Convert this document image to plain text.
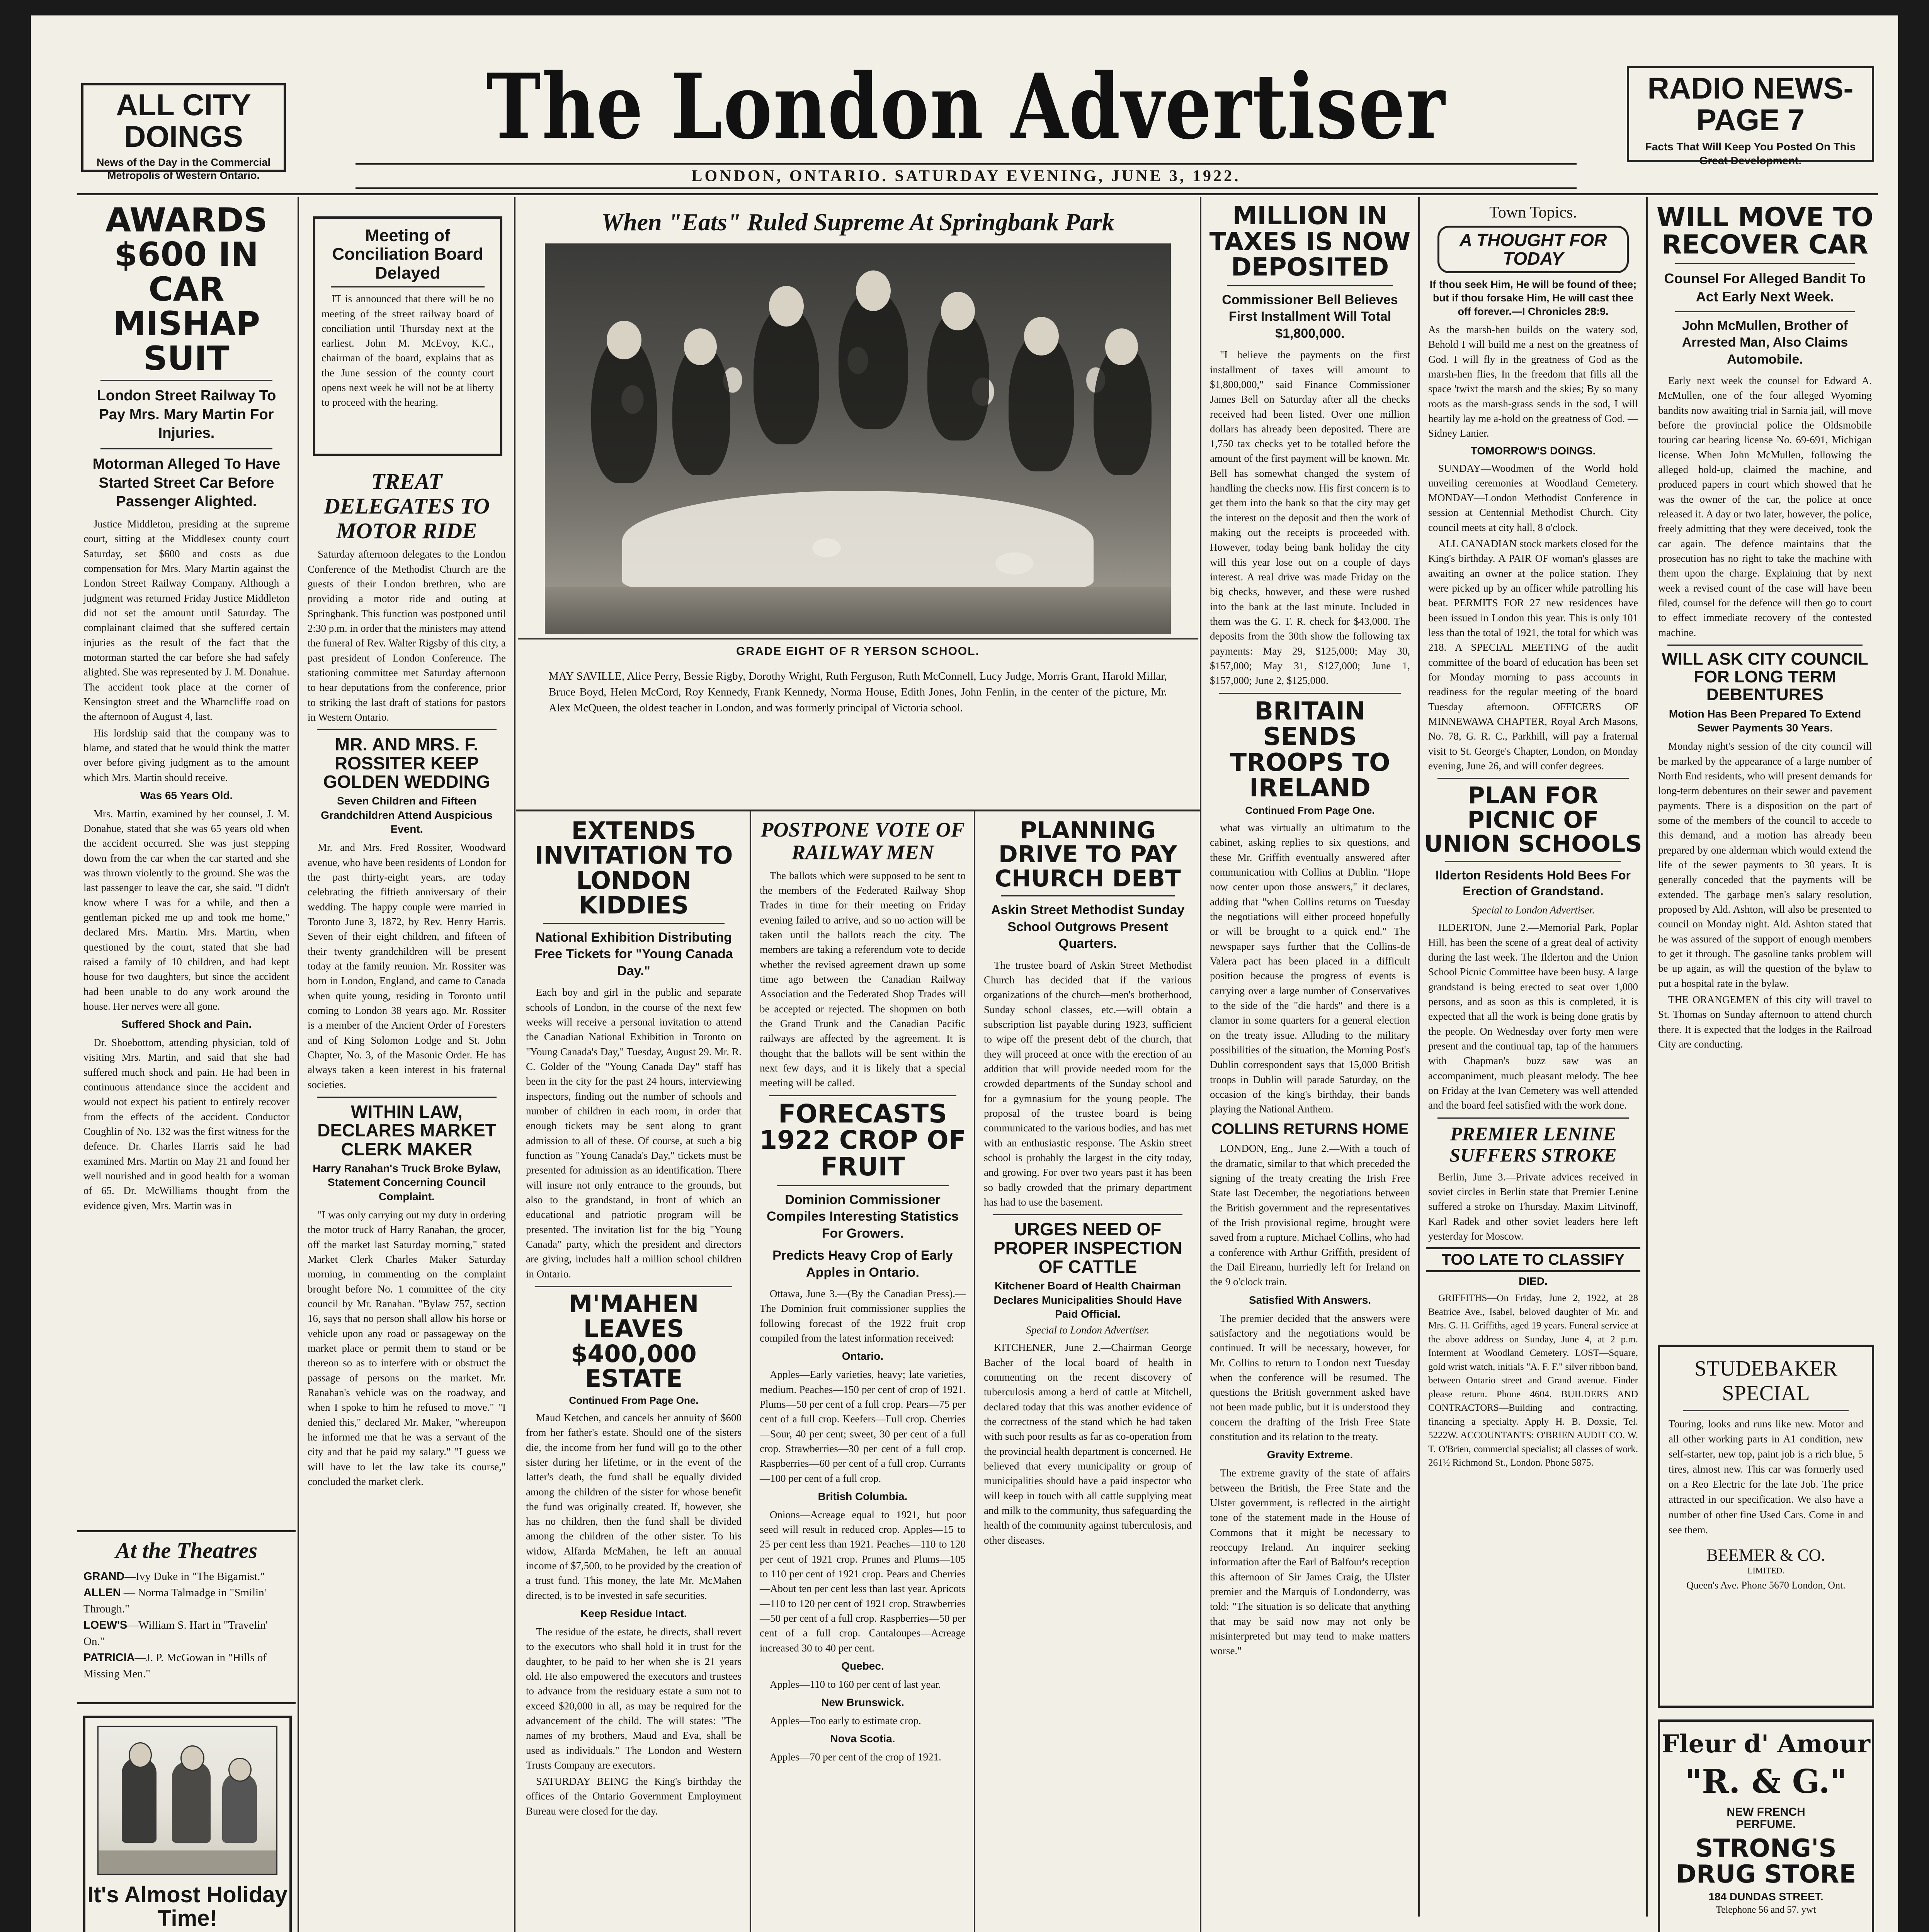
ALL CITY DOINGS

News of the Day in the Commercial Metropolis of Western Ontario.

The London Advertiser

LONDON, ONTARIO. SATURDAY EVENING, JUNE 3, 1922.

RADIO NEWS-PAGE 7

Facts That Will Keep You Posted On This Great Development.

AWARDS $600 IN CAR MISHAP SUIT

London Street Railway To Pay Mrs. Mary Martin For Injuries.

Motorman Alleged To Have Started Street Car Before Passenger Alighted.

Justice Middleton, presiding at the supreme court, sitting at the Middlesex county court Saturday, set $600 and costs as due compensation for Mrs. Mary Martin against the London Street Railway Company. Although a judgment was returned Friday Justice Middleton did not set the amount until Saturday. The complainant claimed that she suffered certain injuries as the result of the fact that the motorman started the car before she had safely alighted. She was represented by J. M. Donahue. The accident took place at the corner of Kensington street and the Wharncliffe road on the afternoon of August 4, last.

His lordship said that the company was to blame, and stated that he would think the matter over before giving judgment as to the amount which Mrs. Martin should receive.

Was 65 Years Old.

Mrs. Martin, examined by her counsel, J. M. Donahue, stated that she was 65 years old when the accident occurred. She was just stepping down from the car when the car started and she was thrown violently to the ground. She was the last passenger to leave the car, she said. "I didn't know where I was for a while, and then a gentleman picked me up and took me home," declared Mrs. Martin. Mrs. Martin, when questioned by the court, stated that she had raised a family of 10 children, and had kept house for two daughters, but since the accident had been unable to do any work around the house. Her nerves were all gone.

Suffered Shock and Pain.

Dr. Shoebottom, attending physician, told of visiting Mrs. Martin, and said that she had suffered much shock and pain. He had been in continuous attendance since the accident and would not expect his patient to entirely recover from the effects of the accident. Conductor Coughlin of No. 132 was the first witness for the defence. Dr. Charles Harris said he had examined Mrs. Martin on May 21 and found her well nourished and in good health for a woman of 65. Dr. McWilliams thought from the evidence given, Mrs. Martin was in

At the Theatres

GRAND—Ivy Duke in "The Bigamist."
ALLEN — Norma Talmadge in "Smilin' Through."
LOEW'S—William S. Hart in "Travelin' On."
PATRICIA—J. P. McGowan in "Hills of Missing Men."

It's Almost Holiday Time!

Meeting of Conciliation Board Delayed

IT is announced that there will be no meeting of the street railway board of conciliation until Thursday next at the earliest. John M. McEvoy, K.C., chairman of the board, explains that as the June session of the county court opens next week he will not be at liberty to proceed with the hearing.

TREAT DELEGATES TO MOTOR RIDE

Saturday afternoon delegates to the London Conference of the Methodist Church are the guests of their London brethren, who are providing a motor ride and outing at Springbank. This function was postponed until 2:30 p.m. in order that the ministers may attend the funeral of Rev. Walter Rigsby of this city, a past president of London Conference. The stationing committee met Saturday afternoon to hear deputations from the conference, prior to striking the last draft of stations for pastors in Western Ontario.

MR. AND MRS. F. ROSSITER KEEP GOLDEN WEDDING

Seven Children and Fifteen Grandchildren Attend Auspicious Event.

Mr. and Mrs. Fred Rossiter, Woodward avenue, who have been residents of London for the past thirty-eight years, are today celebrating the fiftieth anniversary of their wedding. The happy couple were married in Toronto June 3, 1872, by Rev. Henry Harris. Seven of their eight children, and fifteen of their twenty grandchildren will be present today at the family reunion. Mr. Rossiter was born in London, England, and came to Canada when quite young, residing in Toronto until coming to London 38 years ago. Mr. Rossiter is a member of the Ancient Order of Foresters and of King Solomon Lodge and St. John Chapter, No. 3, of the Masonic Order. He has always taken a keen interest in his fraternal societies.

WITHIN LAW, DECLARES MARKET CLERK MAKER

Harry Ranahan's Truck Broke Bylaw, Statement Concerning Council Complaint.

"I was only carrying out my duty in ordering the motor truck of Harry Ranahan, the grocer, off the market last Saturday morning," stated Market Clerk Charles Maker Saturday morning, in commenting on the complaint brought before No. 1 committee of the city council by Mr. Ranahan. "Bylaw 757, section 16, says that no person shall allow his horse or vehicle upon any road or passageway on the market place or permit them to stand or be thereon so as to interfere with or obstruct the passage of persons on the market. Mr. Ranahan's vehicle was on the roadway, and when I spoke to him he refused to move." "I denied this," declared Mr. Maker, "whereupon he informed me that he was a servant of the city and that he paid my salary." "I guess we will have to let the law take its course," concluded the market clerk.

When "Eats" Ruled Supreme At Springbank Park

GRADE EIGHT OF R YERSON SCHOOL.

MAY SAVILLE, Alice Perry, Bessie Rigby, Dorothy Wright, Ruth Ferguson, Ruth McConnell, Lucy Judge, Morris Grant, Harold Millar, Bruce Boyd, Helen McCord, Roy Kennedy, Frank Kennedy, Norma House, Edith Jones, John Fenlin, in the center of the picture, Mr. Alex McQueen, the oldest teacher in London, and was formerly principal of Victoria school.

EXTENDS INVITATION TO LONDON KIDDIES

National Exhibition Distributing Free Tickets for "Young Canada Day."

Each boy and girl in the public and separate schools of London, in the course of the next few weeks will receive a personal invitation to attend the Canadian National Exhibition in Toronto on "Young Canada's Day," Tuesday, August 29. Mr. R. C. Golder of the "Young Canada Day" staff has been in the city for the past 24 hours, interviewing inspectors, finding out the number of schools and number of children in each room, in order that enough tickets may be sent along to grant admission to all of these. Of course, at such a big function as "Young Canada's Day," tickets must be presented for admission as an identification. There will insure not only entrance to the grounds, but also to the grandstand, in front of which an educational and patriotic program will be presented. The invitation list for the big "Young Canada" party, which the president and directors are giving, includes half a million school children in Ontario.

M'MAHEN LEAVES $400,000 ESTATE

Continued From Page One.

Maud Ketchen, and cancels her annuity of $600 from her father's estate. Should one of the sisters die, the income from her fund will go to the other sister during her lifetime, or in the event of the latter's death, the fund shall be equally divided among the children of the sister for whose benefit the fund was originally created. If, however, she has no children, then the fund shall be divided among the children of the other sister. To his widow, Alfarda McMahen, he left an annual income of $7,500, to be provided by the creation of a trust fund. This money, the late Mr. McMahen directed, is to be invested in safe securities.

Keep Residue Intact.

The residue of the estate, he directs, shall revert to the executors who shall hold it in trust for the daughter, to be paid to her when she is 21 years old. He also empowered the executors and trustees to advance from the residuary estate a sum not to exceed $20,000 in all, as may be required for the advancement of the child. The will states: "The names of my brothers, Maud and Eva, shall be used as individuals." The London and Western Trusts Company are executors.

SATURDAY BEING the King's birthday the offices of the Ontario Government Employment Bureau were closed for the day.

POSTPONE VOTE OF RAILWAY MEN

The ballots which were supposed to be sent to the members of the Federated Railway Shop Trades in time for their meeting on Friday evening failed to arrive, and so no action will be taken until the ballots reach the city. The members are taking a referendum vote to decide whether the revised agreement drawn up some time ago between the Canadian Railway Association and the Federated Shop Trades will be accepted or rejected. The shopmen on both the Grand Trunk and the Canadian Pacific railways are affected by the agreement. It is thought that the ballots will be sent within the next few days, and it is likely that a special meeting will be called.

FORECASTS 1922 CROP OF FRUIT

Dominion Commissioner Compiles Interesting Statistics For Growers.

Predicts Heavy Crop of Early Apples in Ontario.

Ottawa, June 3.—(By the Canadian Press).—The Dominion fruit commissioner supplies the following forecast of the 1922 fruit crop compiled from the latest information received:

Ontario.

Apples—Early varieties, heavy; late varieties, medium. Peaches—150 per cent of crop of 1921. Plums—50 per cent of a full crop. Pears—75 per cent of a full crop. Keefers—Full crop. Cherries—Sour, 40 per cent; sweet, 30 per cent of a full crop. Strawberries—30 per cent of a full crop. Raspberries—60 per cent of a full crop. Currants—100 per cent of a full crop.

British Columbia.

Onions—Acreage equal to 1921, but poor seed will result in reduced crop. Apples—15 to 25 per cent less than 1921. Peaches—110 to 120 per cent of 1921 crop. Prunes and Plums—105 to 110 per cent of 1921 crop. Pears and Cherries—About ten per cent less than last year. Apricots—110 to 120 per cent of 1921 crop. Strawberries—50 per cent of a full crop. Raspberries—50 per cent of a full crop. Cantaloupes—Acreage increased 30 to 40 per cent.

Quebec.

Apples—110 to 160 per cent of last year.

New Brunswick.

Apples—Too early to estimate crop.

Nova Scotia.

Apples—70 per cent of the crop of 1921.

PLANNING DRIVE TO PAY CHURCH DEBT

Askin Street Methodist Sunday School Outgrows Present Quarters.

The trustee board of Askin Street Methodist Church has decided that if the various organizations of the church—men's brotherhood, Sunday school classes, etc.—will obtain a subscription list payable during 1923, sufficient to wipe off the present debt of the church, that they will proceed at once with the erection of an addition that will provide needed room for the crowded departments of the Sunday school and for a gymnasium for the young people. The proposal of the trustee board is being communicated to the various bodies, and has met with an enthusiastic response. The Askin street school is probably the largest in the city today, and growing. For over two years past it has been so badly crowded that the primary department has had to use the basement.

URGES NEED OF PROPER INSPECTION OF CATTLE

Kitchener Board of Health Chairman Declares Municipalities Should Have Paid Official.

Special to London Advertiser.

KITCHENER, June 2.—Chairman George Bacher of the local board of health in commenting on the recent discovery of tuberculosis among a herd of cattle at Mitchell, declared today that this was another evidence of the correctness of the stand which he had taken with such poor results as far as co-operation from the provincial health department is concerned. He believed that every municipality or group of municipalities should have a paid inspector who will keep in touch with all cattle supplying meat and milk to the community, thus safeguarding the health of the community against tuberculosis, and other diseases.

MILLION IN TAXES IS NOW DEPOSITED

Commissioner Bell Believes First Installment Will Total $1,800,000.

"I believe the payments on the first installment of taxes will amount to $1,800,000," said Finance Commissioner James Bell on Saturday after all the checks received had been listed. Over one million dollars has already been deposited. There are 1,750 tax checks yet to be totalled before the amount of the first payment will be known. Mr. Bell has somewhat changed the system of handling the checks now. His first concern is to get them into the bank so that the city may get the interest on the deposit and then the work of making out the receipts is proceeded with. However, today being bank holiday the city will this year lose out on a couple of days interest. A real drive was made Friday on the big checks, however, and these were rushed into the bank at the last minute. Included in them was the G. T. R. check for $43,000. The deposits from the 30th show the following tax payments: May 29, $125,000; May 30, $157,000; May 31, $127,000; June 1, $157,000; June 2, $125,000.

BRITAIN SENDS TROOPS TO IRELAND

Continued From Page One.

what was virtually an ultimatum to the cabinet, asking replies to six questions, and these Mr. Griffith eventually answered after communication with Collins at Dublin. "Hope now center upon those answers," it declares, adding that "when Collins returns on Tuesday the negotiations will either proceed hopefully or will be brought to a quick end." The newspaper says further that the Collins-de Valera pact has been placed in a difficult position because the progress of events is carrying over a large number of Conservatives to the side of the "die hards" and there is a clamor in some quarters for a general election on the treaty issue. Alluding to the military possibilities of the situation, the Morning Post's Dublin correspondent says that 15,000 British troops in Dublin will parade Saturday, on the occasion of the king's birthday, their bands playing the National Anthem.

COLLINS RETURNS HOME

LONDON, Eng., June 2.—With a touch of the dramatic, similar to that which preceded the signing of the treaty creating the Irish Free State last December, the negotiations between the British government and the representatives of the Irish provisional regime, brought were saved from a rupture. Michael Collins, who had a conference with Arthur Griffith, president of the Dail Eireann, hurriedly left for Ireland on the 9 o'clock train.

Satisfied With Answers.

The premier decided that the answers were satisfactory and the negotiations would be continued. It will be necessary, however, for Mr. Collins to return to London next Tuesday when the conference will be resumed. The questions the British government asked have not been made public, but it is understood they concern the drafting of the Irish Free State constitution and its relation to the treaty.

Gravity Extreme.

The extreme gravity of the state of affairs between the British, the Free State and the Ulster government, is reflected in the airtight tone of the statement made in the House of Commons that it might be necessary to reoccupy Ireland. An inquirer seeking information after the Earl of Balfour's reception this afternoon of Sir James Craig, the Ulster premier and the Marquis of Londonderry, was told: "The situation is so delicate that anything that may be said now may not only be misinterpreted but may tend to make matters worse."

Town Topics.

A THOUGHT FOR TODAY

If thou seek Him, He will be found of thee; but if thou forsake Him, He will cast thee off forever.—I Chronicles 28:9.

As the marsh-hen builds on the watery sod, Behold I will build me a nest on the greatness of God. I will fly in the greatness of God as the marsh-hen flies, In the freedom that fills all the space 'twixt the marsh and the skies; By so many roots as the marsh-grass sends in the sod, I will heartily lay me a-hold on the greatness of God. —Sidney Lanier.

TOMORROW'S DOINGS.

SUNDAY—Woodmen of the World hold unveiling ceremonies at Woodland Cemetery. MONDAY—London Methodist Conference in session at Centennial Methodist Church. City council meets at city hall, 8 o'clock.

ALL CANADIAN stock markets closed for the King's birthday. A PAIR OF woman's glasses are awaiting an owner at the police station. They were picked up by an officer while patrolling his beat. PERMITS FOR 27 new residences have been issued in London this year. This is only 101 less than the total of 1921, the total for which was 218. A SPECIAL MEETING of the audit committee of the board of education has been set for Monday morning to pass accounts in readiness for the regular meeting of the board Tuesday afternoon. OFFICERS OF MINNEWAWA CHAPTER, Royal Arch Masons, No. 78, G. R. C., Parkhill, will pay a fraternal visit to St. George's Chapter, London, on Monday evening, June 26, and will confer degrees.

PLAN FOR PICNIC OF UNION SCHOOLS

Ilderton Residents Hold Bees For Erection of Grandstand.

Special to London Advertiser.

ILDERTON, June 2.—Memorial Park, Poplar Hill, has been the scene of a great deal of activity during the last week. The Ilderton and the Union School Picnic Committee have been busy. A large grandstand is being erected to seat over 1,000 persons, and as soon as this is completed, it is expected that all the work is being done gratis by the people. On Wednesday over forty men were present and the continual tap, tap of the hammers with Chapman's buzz saw was an accompaniment, much pleasant melody. The bee on Friday at the Ivan Cemetery was well attended and the board feel satisfied with the work done.

PREMIER LENINE SUFFERS STROKE

Berlin, June 3.—Private advices received in soviet circles in Berlin state that Premier Lenine suffered a stroke on Thursday. Maxim Litvinoff, Karl Radek and other soviet leaders here left yesterday for Moscow.

TOO LATE TO CLASSIFY

DIED.

GRIFFITHS—On Friday, June 2, 1922, at 28 Beatrice Ave., Isabel, beloved daughter of Mr. and Mrs. G. H. Griffiths, aged 19 years. Funeral service at the above address on Sunday, June 4, at 2 p.m. Interment at Woodland Cemetery. LOST—Square, gold wrist watch, initials "A. F. F." silver ribbon band, between Ontario street and Grand avenue. Finder please return. Phone 4604. BUILDERS AND CONTRACTORS—Building and contracting, financing a specialty. Apply H. B. Doxsie, Tel. 5222W. ACCOUNTANTS: O'BRIEN AUDIT CO. W. T. O'Brien, commercial specialist; all classes of work. 261½ Richmond St., London. Phone 5875.

WILL MOVE TO RECOVER CAR

Counsel For Alleged Bandit To Act Early Next Week.

John McMullen, Brother of Arrested Man, Also Claims Automobile.

Early next week the counsel for Edward A. McMullen, one of the four alleged Wyoming bandits now awaiting trial in Sarnia jail, will move before the provincial police the Oldsmobile touring car bearing license No. 69-691, Michigan license. When John McMullen, following the alleged hold-up, claimed the machine, and produced papers in court which showed that he was the owner of the car, the police at once released it. A day or two later, however, the police, freely admitting that they were deceived, took the car again. The defence maintains that the prosecution has no right to take the machine with them upon the charge. Explaining that by next week a revised count of the case will have been filed, counsel for the defence will then go to court to effect immediate recovery of the contested machine.

WILL ASK CITY COUNCIL FOR LONG TERM DEBENTURES

Motion Has Been Prepared To Extend Sewer Payments 30 Years.

Monday night's session of the city council will be marked by the appearance of a large number of North End residents, who will present demands for long-term debentures on their sewer and pavement payments. There is a disposition on the part of some of the members of the council to accede to this demand, and a motion has already been prepared by one alderman which would extend the life of the sewer payments to 30 years. It is generally conceded that the payments will be extended. The garbage men's salary resolution, proposed by Ald. Ashton, will also be presented to council on Monday night. Ald. Ashton stated that he was assured of the support of enough members to get it through. The gasoline tanks problem will be up again, as will the question of the bylaw to put a hospital rate in the bylaw.

THE ORANGEMEN of this city will travel to St. Thomas on Sunday afternoon to attend church there. It is expected that the lodges in the Railroad City are conducting.

STUDEBAKER SPECIAL

Touring, looks and runs like new. Motor and all other working parts in A1 condition, new self-starter, new top, paint job is a rich blue, 5 tires, almost new. This car was formerly used on a Reo Electric for the late Job. The price attracted in our specification. We also have a number of other fine Used Cars. Come in and see them.

BEEMER & CO.

LIMITED.

Queen's Ave. Phone 5670 London, Ont.

Fleur d' Amour

"R. & G."

NEW FRENCH PERFUME.

STRONG'S DRUG STORE

184 DUNDAS STREET.

Telephone 56 and 57. ywt
